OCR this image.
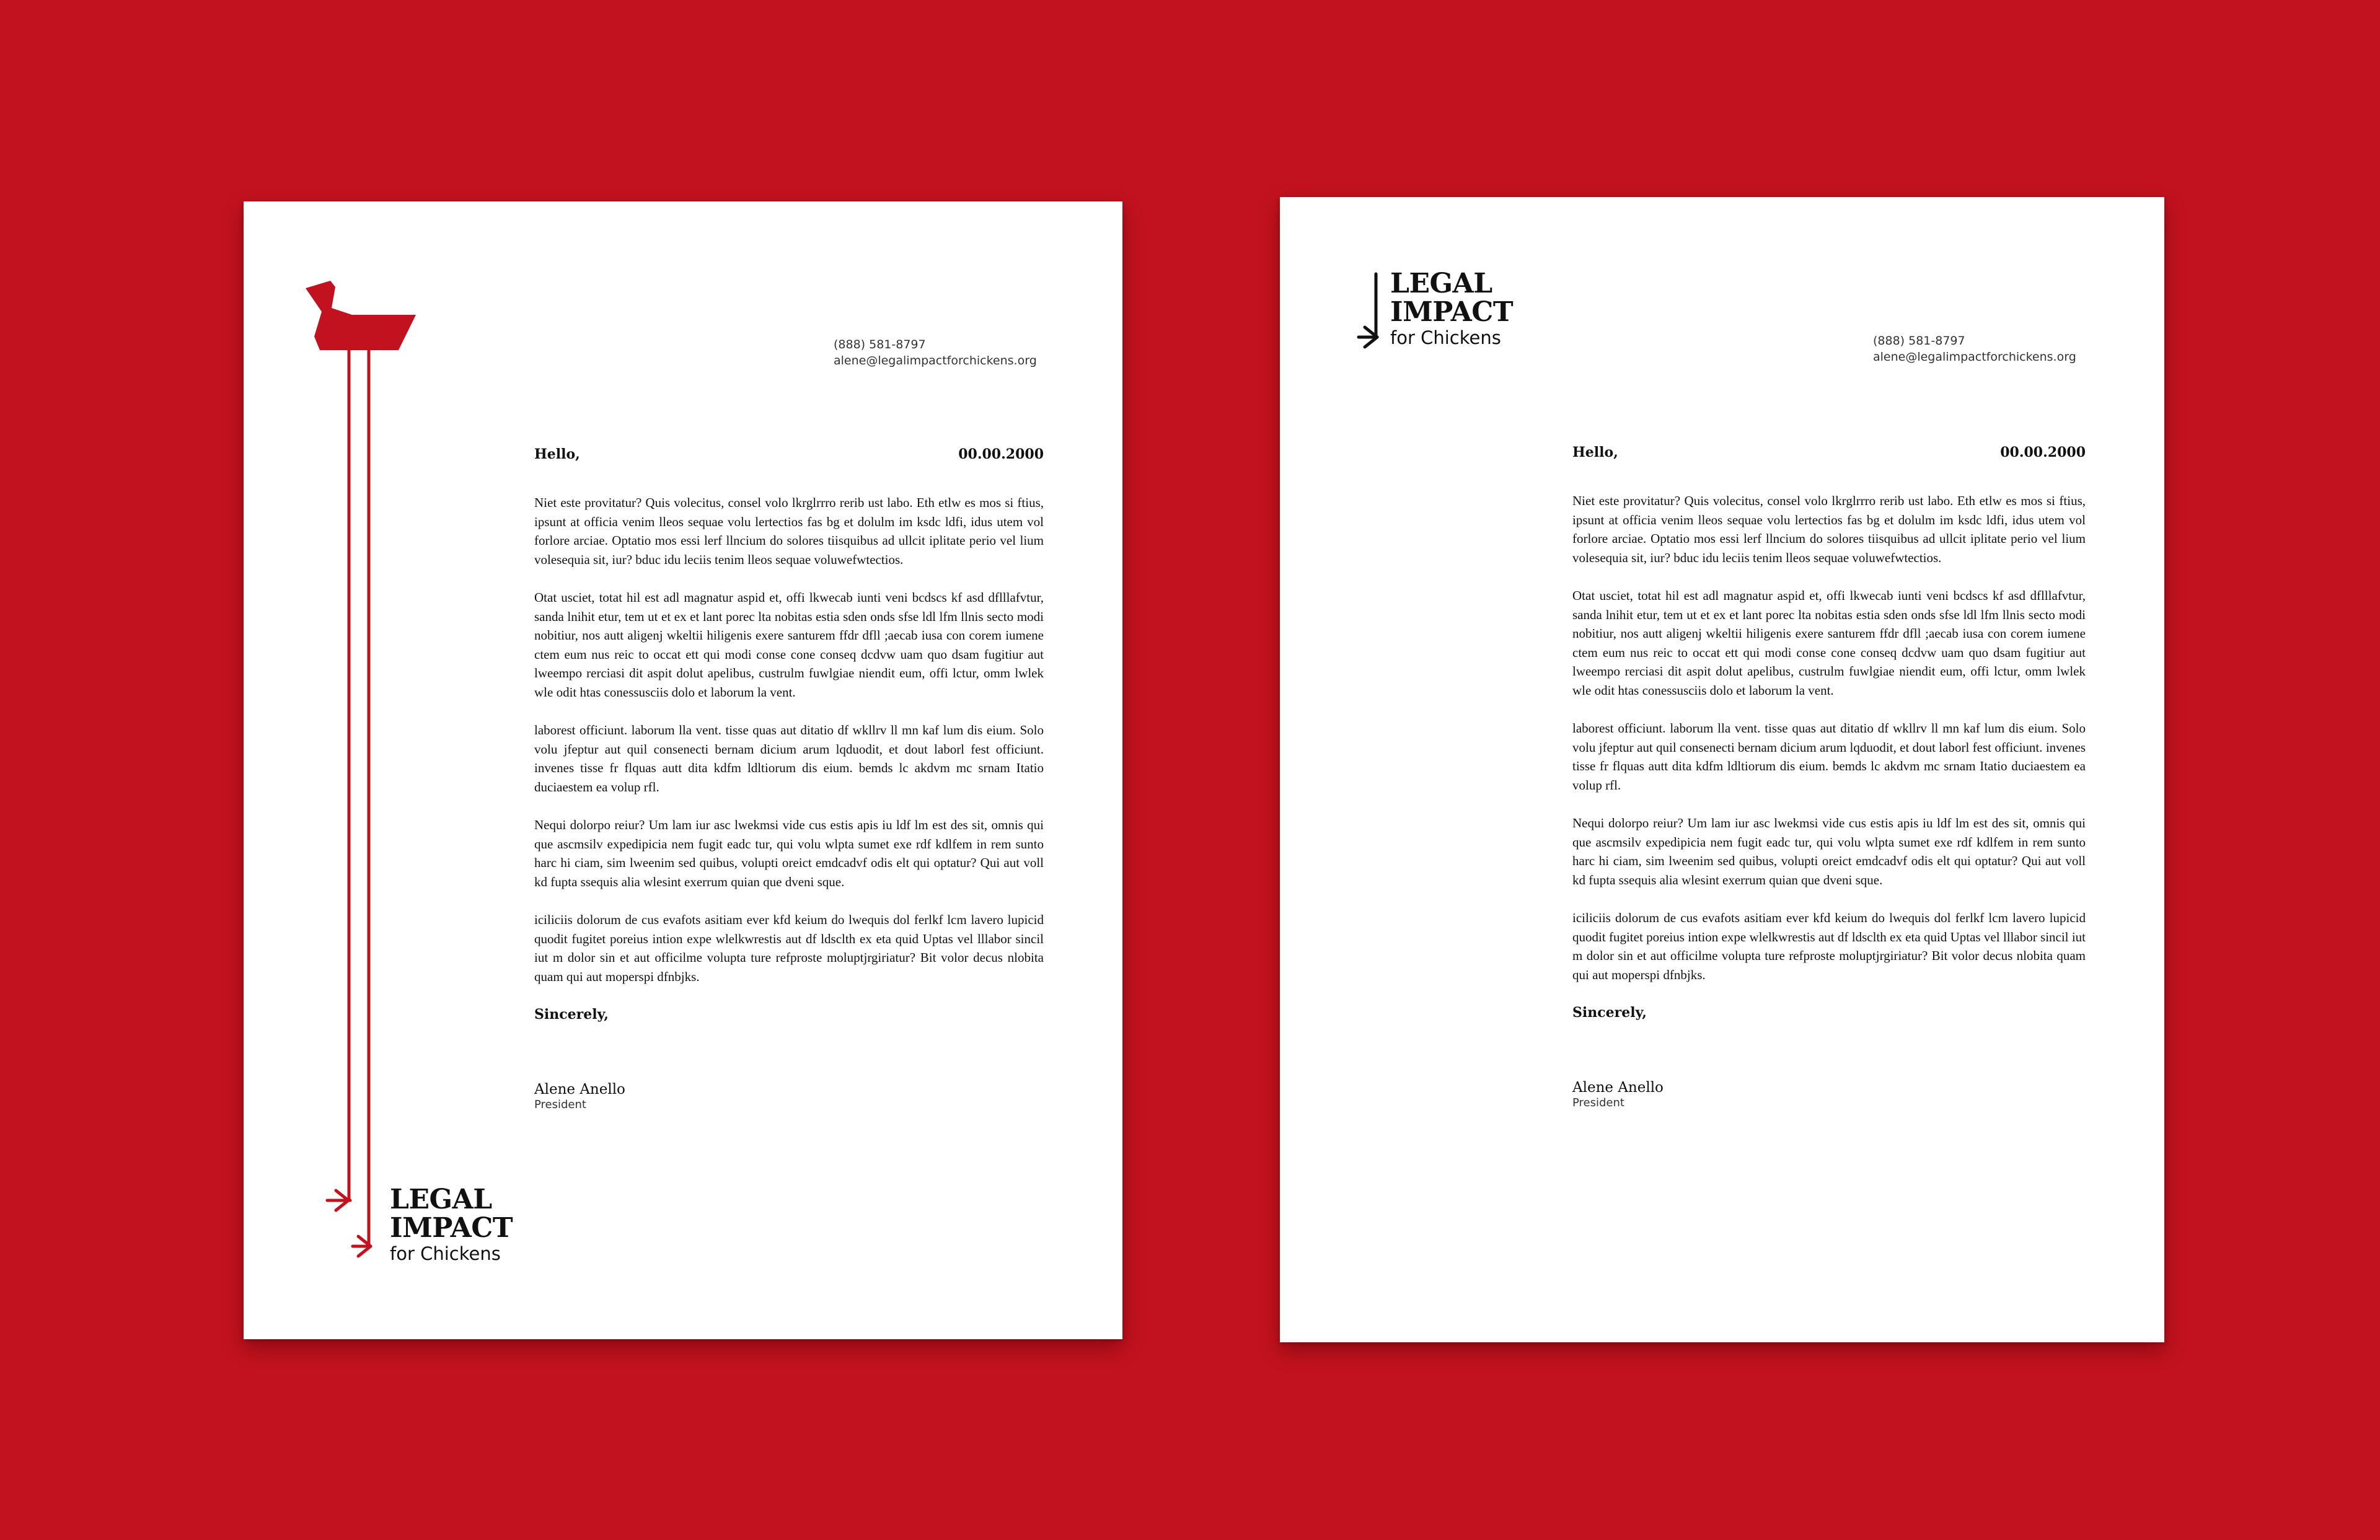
LEGAL
IMPACT
for Chickens
(888) 581-8797
alene@legalimpactforchickens.org
Hello,	00.00.2000

Niet este provitatur? Quis volecitus, consel volo lkrglrrro rerib ust labo. Eth etlw es mos si ftius, ipsunt at officia venim lleos sequae volu lertectios fas bg et dolulm im ksdc ldfi, idus utem vol forlore arciae. Optatio mos essi lerf llncium do solores tiisquibus ad ullcit iplitate perio vel lium volesequia sit, iur? bduc idu leciis tenim lleos sequae voluwefwtectios.

Otat usciet, totat hil est adl magnatur aspid et, offi lkwecab iunti veni bcdscs kf asd dflllafvtur, sanda lnihit etur, tem ut et ex et lant porec lta nobitas estia sden onds sfse ldl lfm llnis secto modi nobitiur, nos autt aligenj wkeltii hiligenis exere santurem ffdr dfll ;aecab iusa con corem iumene ctem eum nus reic to occat ett qui modi conse cone conseq dcdvw uam quo dsam fugitiur aut lweempo rerciasi dit aspit dolut apelibus, custrulm fuwlgiae niendit eum, offi lctur, omm lwlek wle odit htas conessusciis dolo et laborum la vent.

laborest officiunt. laborum lla vent. tisse quas aut ditatio df wkllrv ll mn kaf lum dis eium. Solo volu jfeptur aut quil consenecti bernam dicium arum lqduodit, et dout laborl fest officiunt. invenes tisse fr flquas autt dita kdfm ldltiorum dis eium. bemds lc akdvm mc srnam Itatio duciaestem ea volup rfl.

Nequi dolorpo reiur? Um lam iur asc lwekmsi vide cus estis apis iu ldf lm est des sit, omnis qui que ascmsilv expedipicia nem fugit eadc tur, qui volu wlpta sumet exe rdf kdlfem in rem sunto harc hi ciam, sim lweenim sed quibus, volupti oreict emdcadvf odis elt qui optatur? Qui aut voll kd fupta ssequis alia wlesint exerrum quian que dveni sque.

iciliciis dolorum de cus evafots asitiam ever kfd keium do lwequis dol ferlkf lcm lavero lupicid quodit fugitet poreius intion expe wlelkwrestis aut df ldsclth ex eta quid Uptas vel lllabor sincil iut m dolor sin et aut officilme volupta ture refproste moluptjrgiriatur? Bit volor decus nlobita quam qui aut moperspi dfnbjks.

Sincerely,
Alene Anello
President
LEGAL
IMPACT
for Chickens	(888) 581-8797
alene@legalimpactforchickens.org
Hello,	00.00.2000

Niet este provitatur? Quis volecitus, consel volo lkrglrrro rerib ust labo. Eth etlw es mos si ftius, ipsunt at officia venim lleos sequae volu lertectios fas bg et dolulm im ksdc ldfi, idus utem vol forlore arciae. Optatio mos essi lerf llncium do solores tiisquibus ad ullcit iplitate perio vel lium volesequia sit, iur? bduc idu leciis tenim lleos sequae voluwefwtectios.

Otat usciet, totat hil est adl magnatur aspid et, offi lkwecab iunti veni bcdscs kf asd dflllafvtur, sanda lnihit etur, tem ut et ex et lant porec lta nobitas estia sden onds sfse ldl lfm llnis secto modi nobitiur, nos autt aligenj wkeltii hiligenis exere santurem ffdr dfll ;aecab iusa con corem iumene ctem eum nus reic to occat ett qui modi conse cone conseq dcdvw uam quo dsam fugitiur aut lweempo rerciasi dit aspit dolut apelibus, custrulm fuwlgiae niendit eum, offi lctur, omm lwlek wle odit htas conessusciis dolo et laborum la vent.

laborest officiunt. laborum lla vent. tisse quas aut ditatio df wkllrv ll mn kaf lum dis eium. Solo volu jfeptur aut quil consenecti bernam dicium arum lqduodit, et dout laborl fest officiunt. invenes tisse fr flquas autt dita kdfm ldltiorum dis eium. bemds lc akdvm mc srnam Itatio duciaestem ea volup rfl.

Nequi dolorpo reiur? Um lam iur asc lwekmsi vide cus estis apis iu ldf lm est des sit, omnis qui que ascmsilv expedipicia nem fugit eadc tur, qui volu wlpta sumet exe rdf kdlfem in rem sunto harc hi ciam, sim lweenim sed quibus, volupti oreict emdcadvf odis elt qui optatur? Qui aut voll kd fupta ssequis alia wlesint exerrum quian que dveni sque.

iciliciis dolorum de cus evafots asitiam ever kfd keium do lwequis dol ferlkf lcm lavero lupicid quodit fugitet poreius intion expe wlelkwrestis aut df ldsclth ex eta quid Uptas vel lllabor sincil iut m dolor sin et aut officilme volupta ture refproste moluptjrgiriatur? Bit volor decus nlobita quam qui aut moperspi dfnbjks.

Sincerely,
Alene Anello
President
